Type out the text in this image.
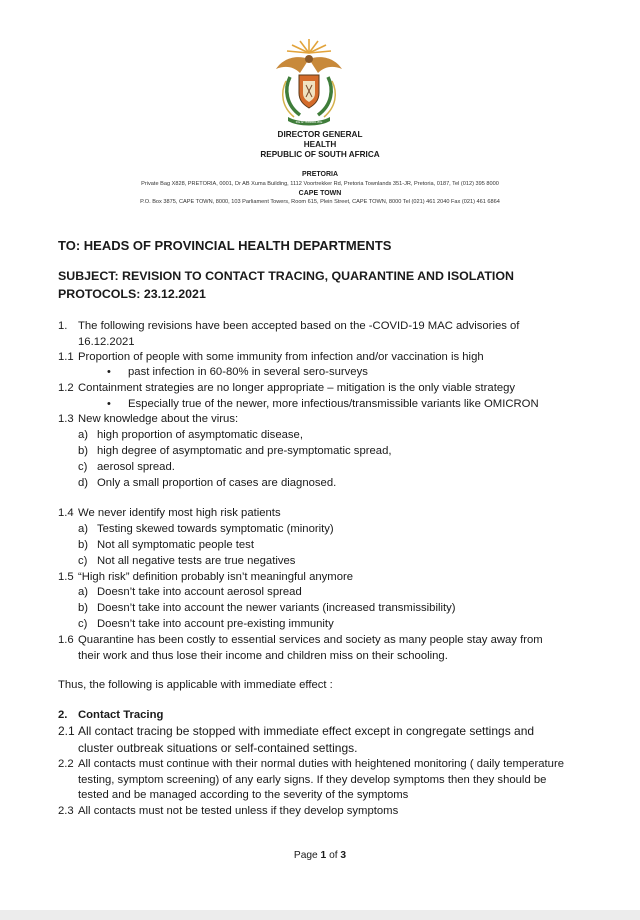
!KE E: /XARRA //KE
DIRECTOR GENERAL
HEALTH
REPUBLIC OF SOUTH AFRICA
PRETORIA
Private Bag X828, PRETORIA, 0001, Dr AB Xuma Building, 1112 Voortrekker Rd, Pretoria Townlands 351-JR, Pretoria, 0187, Tel (012) 395 8000
CAPE TOWN
P.O. Box 3875, CAPE TOWN, 8000, 103 Parliament Towers, Room 615, Plein Street, CAPE TOWN, 8000 Tel (021) 461 2040 Fax (021) 461 6864
TO: HEADS OF PROVINCIAL HEALTH DEPARTMENTS
SUBJECT: REVISION TO CONTACT TRACING, QUARANTINE AND ISOLATION PROTOCOLS: 23.12.2021
1. The following revisions have been accepted based on the -COVID-19 MAC advisories of
16.12.2021
1.1 Proportion of people with some immunity from infection and/or vaccination is high
• past infection in 60-80% in several sero-surveys
1.2 Containment strategies are no longer appropriate – mitigation is the only viable strategy
• Especially true of the newer, more infectious/transmissible variants like OMICRON
1.3 New knowledge about the virus:
a) high proportion of asymptomatic disease,
b) high degree of asymptomatic and pre-symptomatic spread,
c) aerosol spread.
d) Only a small proportion of cases are diagnosed.
1.4 We never identify most high risk patients
a) Testing skewed towards symptomatic (minority)
b) Not all symptomatic people test
c) Not all negative tests are true negatives
1.5 “High risk” definition probably isn’t meaningful anymore
a) Doesn’t take into account aerosol spread
b) Doesn’t take into account the newer variants (increased transmissibility)
c) Doesn’t take into account pre-existing immunity
1.6 Quarantine has been costly to essential services and society as many people stay away from
their work and thus lose their income and children miss on their schooling.
Thus, the following is applicable with immediate effect :
2. Contact Tracing
2.1 All contact tracing be stopped with immediate effect except in congregate settings and
cluster outbreak situations or self-contained settings.
2.2 All contacts must continue with their normal duties with heightened monitoring ( daily temperature
testing, symptom screening) of any early signs. If they develop symptoms then they should be
tested and be managed according to the severity of the symptoms
2.3 All contacts must not be tested unless if they develop symptoms
Page 1 of 3
